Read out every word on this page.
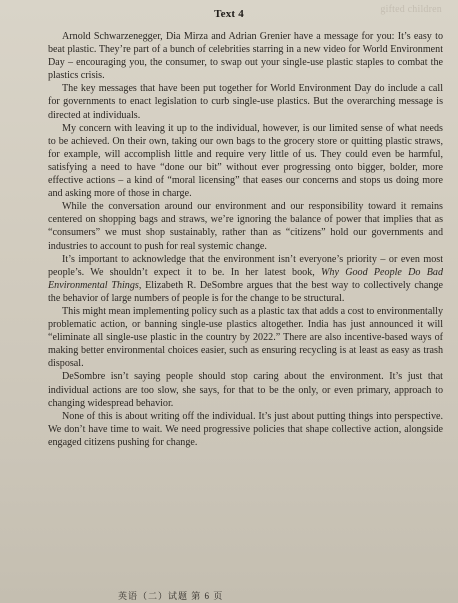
gifted children
Text 4

Arnold Schwarzenegger, Dia Mirza and Adrian Grenier have a message for you: It’s easy to beat plastic. They’re part of a bunch of celebrities starring in a new video for World Environment Day – encouraging you, the consumer, to swap out your single-use plastic staples to combat the plastics crisis.

The key messages that have been put together for World Environment Day do include a call for governments to enact legislation to curb single-use plastics. But the overarching message is directed at individuals.

My concern with leaving it up to the individual, however, is our limited sense of what needs to be achieved. On their own, taking our own bags to the grocery store or quitting plastic straws, for example, will accomplish little and require very little of us. They could even be harmful, satisfying a need to have “done our bit” without ever progressing onto bigger, bolder, more effective actions – a kind of “moral licensing” that eases our concerns and stops us doing more and asking more of those in charge.

While the conversation around our environment and our responsibility toward it remains centered on shopping bags and straws, we’re ignoring the balance of power that implies that as “consumers” we must shop sustainably, rather than as “citizens” hold our governments and industries to account to push for real systemic change.

It’s important to acknowledge that the environment isn’t everyone’s priority – or even most people’s. We shouldn’t expect it to be. In her latest book, Why Good People Do Bad Environmental Things, Elizabeth R. DeSombre argues that the best way to collectively change the behavior of large numbers of people is for the change to be structural.

This might mean implementing policy such as a plastic tax that adds a cost to environmentally problematic action, or banning single-use plastics altogether. India has just announced it will “eliminate all single-use plastic in the country by 2022.” There are also incentive-based ways of making better environmental choices easier, such as ensuring recycling is at least as easy as trash disposal.

DeSombre isn’t saying people should stop caring about the environment. It’s just that individual actions are too slow, she says, for that to be the only, or even primary, approach to changing widespread behavior.

None of this is about writing off the individual. It’s just about putting things into perspective. We don’t have time to wait. We need progressive policies that shape collective action, alongside engaged citizens pushing for change.

英语（二）试题 第 6 页
